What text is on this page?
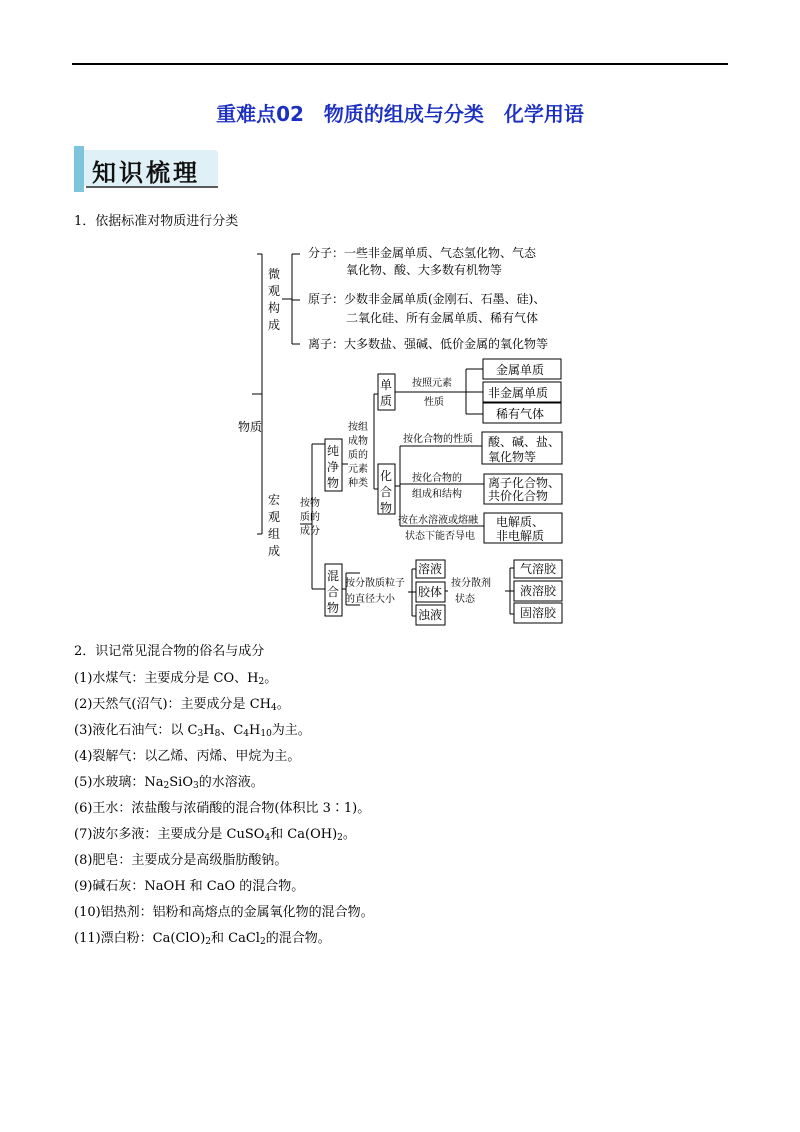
重难点02　物质的组成与分类　化学用语
知识梳理
1．依据标准对物质进行分类
物质
微
观
构
成
宏
观
组
成
分子：一些非金属单质、气态氢化物、气态
氧化物、酸、大多数有机物等
原子：少数非金属单质(金刚石、石墨、硅)、
二氧化硅、所有金属单质、稀有气体
离子：大多数盐、强碱、低价金属的氧化物等
按物
质的
成分
纯
净
物
混
合
物
按组
成物
质的
元素
种类
单
质
化
合
物
按照元素
性质
金属单质
非金属单质
稀有气体
按化合物的性质 酸、碱、盐、
氧化物等
按化合物的
组成和结构
离子化合物、
共价化合物
按在水溶液或熔融
状态下能否导电
电解质、
非电解质
按分散质粒子
的直径大小
溶液
胶体
浊液
按分散剂
状态
气溶胶
液溶胶
固溶胶
2．识记常见混合物的俗名与成分
(1)水煤气：主要成分是 CO、$H_2$。
(2)天然气(沼气)：主要成分是 $CH_4$。
(3)液化石油气：以 $C_3H_8$、$C_4H_{10}$为主。
(4)裂解气：以乙烯、丙烯、甲烷为主。
(5)水玻璃：$Na_2SiO_3$的水溶液。
(6)王水：浓盐酸与浓硝酸的混合物(体积比 3∶1)。
(7)波尔多液：主要成分是 CuSO$_4$和 $Ca(OH)_2$。
(8)肥皂：主要成分是高级脂肪酸钠。
(9)碱石灰：NaOH 和 CaO 的混合物。
(10)铝热剂：铝粉和高熔点的金属氧化物的混合物。
(11)漂白粉：$Ca(ClO)_2$和 CaCl$_2$的混合物。
